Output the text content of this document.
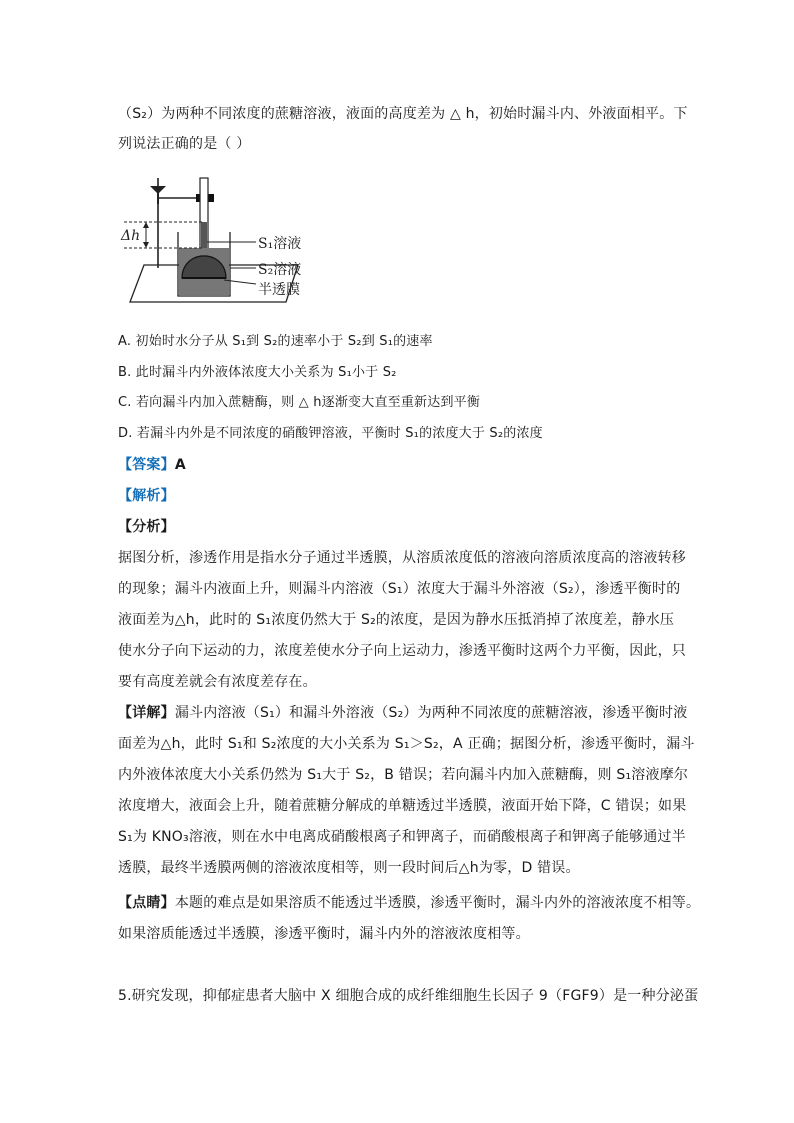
（S₂）为两种不同浓度的蔗糖溶液，液面的高度差为 △ h，初始时漏斗内、外液面相平。下
列说法正确的是（ ）
Δh	S₁溶液
S₂溶液
半透膜
A. 初始时水分子从 S₁到 S₂的速率小于 S₂到 S₁的速率
B. 此时漏斗内外液体浓度大小关系为 S₁小于 S₂
C. 若向漏斗内加入蔗糖酶，则 △ h逐渐变大直至重新达到平衡
D. 若漏斗内外是不同浓度的硝酸钾溶液，平衡时 S₁的浓度大于 S₂的浓度
【答案】A
【解析】
【分析】
据图分析，渗透作用是指水分子通过半透膜，从溶质浓度低的溶液向溶质浓度高的溶液转移
的现象；漏斗内液面上升，则漏斗内溶液（S₁）浓度大于漏斗外溶液（S₂），渗透平衡时的
液面差为△h，此时的 S₁浓度仍然大于 S₂的浓度，是因为静水压抵消掉了浓度差，静水压
使水分子向下运动的力，浓度差使水分子向上运动力，渗透平衡时这两个力平衡，因此，只
要有高度差就会有浓度差存在。
【详解】漏斗内溶液（S₁）和漏斗外溶液（S₂）为两种不同浓度的蔗糖溶液，渗透平衡时液
面差为△h，此时 S₁和 S₂浓度的大小关系为 S₁＞S₂，A 正确；据图分析，渗透平衡时，漏斗
内外液体浓度大小关系仍然为 S₁大于 S₂，B 错误；若向漏斗内加入蔗糖酶，则 S₁溶液摩尔
浓度增大，液面会上升，随着蔗糖分解成的单糖透过半透膜，液面开始下降，C 错误；如果
S₁为 KNO₃溶液，则在水中电离成硝酸根离子和钾离子，而硝酸根离子和钾离子能够通过半
透膜，最终半透膜两侧的溶液浓度相等，则一段时间后△h为零，D 错误。
【点睛】本题的难点是如果溶质不能透过半透膜，渗透平衡时，漏斗内外的溶液浓度不相等。
如果溶质能透过半透膜，渗透平衡时，漏斗内外的溶液浓度相等。
5.研究发现，抑郁症患者大脑中 X 细胞合成的成纤维细胞生长因子 9（FGF9）是一种分泌蛋
